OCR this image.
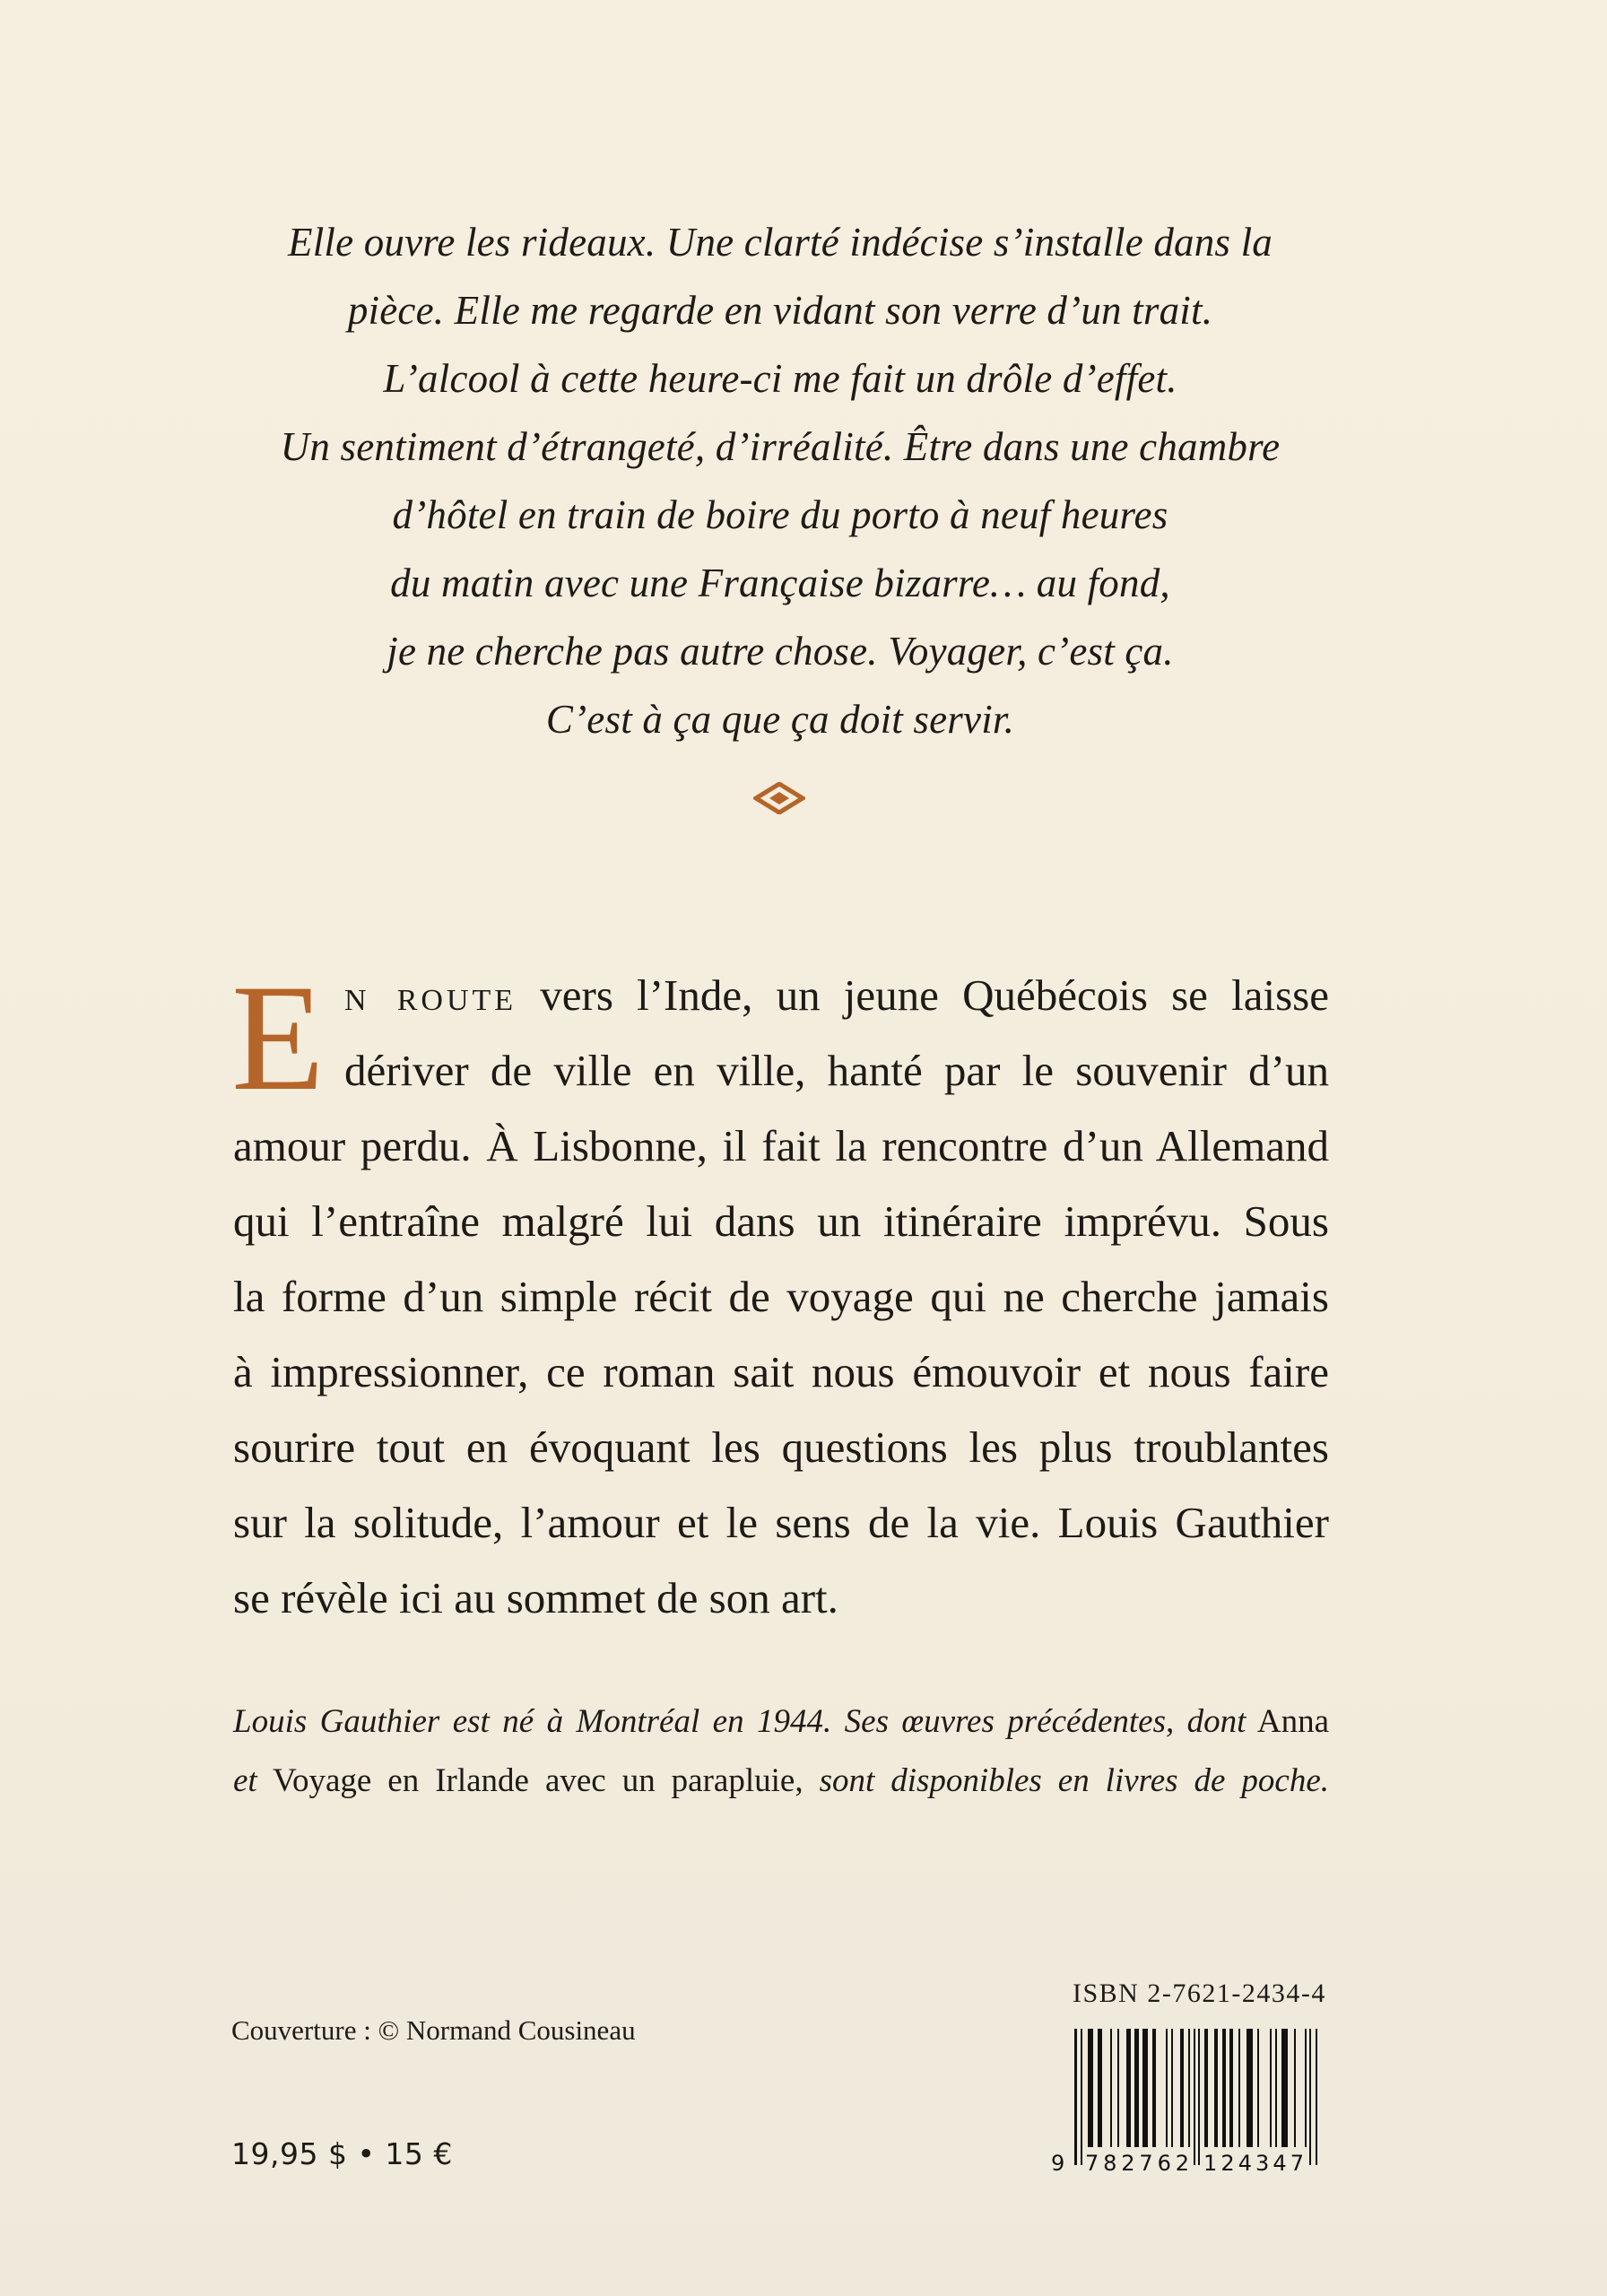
Elle ouvre les rideaux. Une clarté indécise s’installe dans la
pièce. Elle me regarde en vidant son verre d’un trait.
L’alcool à cette heure-ci me fait un drôle d’effet.
Un sentiment d’étrangeté, d’irréalité. Être dans une chambre
d’hôtel en train de boire du porto à neuf heures
du matin avec une Française bizarre… au fond,
je ne cherche pas autre chose. Voyager, c’est ça.
C’est à ça que ça doit servir.
E n route vers l’Inde, un jeune Québécois se laisse
dériver de ville en ville, hanté par le souvenir d’un
amour perdu. À Lisbonne, il fait la rencontre d’un Allemand
qui l’entraîne malgré lui dans un itinéraire imprévu. Sous
la forme d’un simple récit de voyage qui ne cherche jamais
à impressionner, ce roman sait nous émouvoir et nous faire
sourire tout en évoquant les questions les plus troublantes
sur la solitude, l’amour et le sens de la vie. Louis Gauthier
se révèle ici au sommet de son art.
Louis Gauthier est né à Montréal en 1944. Ses œuvres précédentes, dont Anna
et Voyage en Irlande avec un parapluie, sont disponibles en livres de poche.
ISBN 2-7621-2434-4
Couverture : © Normand Cousineau
19,95 $ • 15 €	9 782762 124347
